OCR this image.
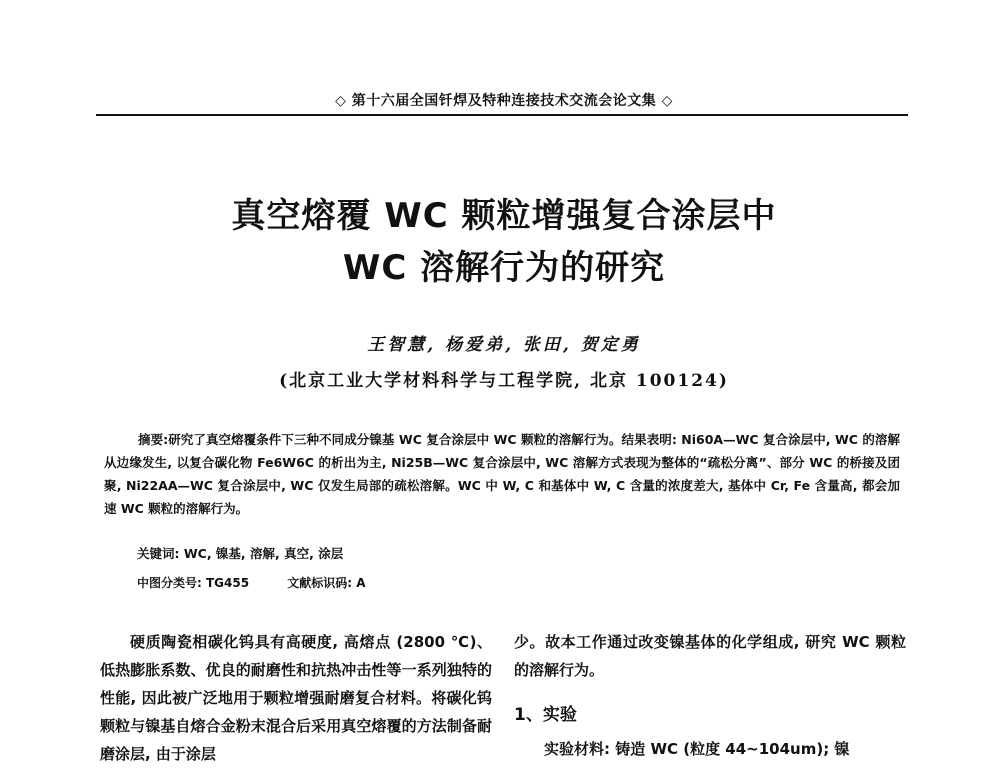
◇ 第十六届全国钎焊及特种连接技术交流会论文集 ◇
真空熔覆 WC 颗粒增强复合涂层中
WC 溶解行为的研究
王智慧, 杨爱弟, 张田, 贺定勇
(北京工业大学材料科学与工程学院, 北京 100124)
摘要:研究了真空熔覆条件下三种不同成分镍基 WC 复合涂层中 WC 颗粒的溶解行为。结果表明: Ni60A—WC 复合涂层中, WC 的溶解从边缘发生, 以复合碳化物 Fe6W6C 的析出为主, Ni25B—WC 复合涂层中, WC 溶解方式表现为整体的“疏松分离”、部分 WC 的桥接及团聚, Ni22AA—WC 复合涂层中, WC 仅发生局部的疏松溶解。WC 中 W, C 和基体中 W, C 含量的浓度差大, 基体中 Cr, Fe 含量高, 都会加速 WC 颗粒的溶解行为。
关键词: WC, 镍基, 溶解, 真空, 涂层
中图分类号: TG455	文献标识码: A

硬质陶瓷相碳化钨具有高硬度, 高熔点 (2800 ℃)、低热膨胀系数、优良的耐磨性和抗热冲击性等一系列独特的性能, 因此被广泛地用于颗粒增强耐磨复合材料。将碳化钨颗粒与镍基自熔合金粉末混合后采用真空熔覆的方法制备耐磨涂层, 由于涂层

少。故本工作通过改变镍基体的化学组成, 研究 WC 颗粒的溶解行为。

1、实验
实验材料: 铸造 WC (粒度 44~104um); 镍
